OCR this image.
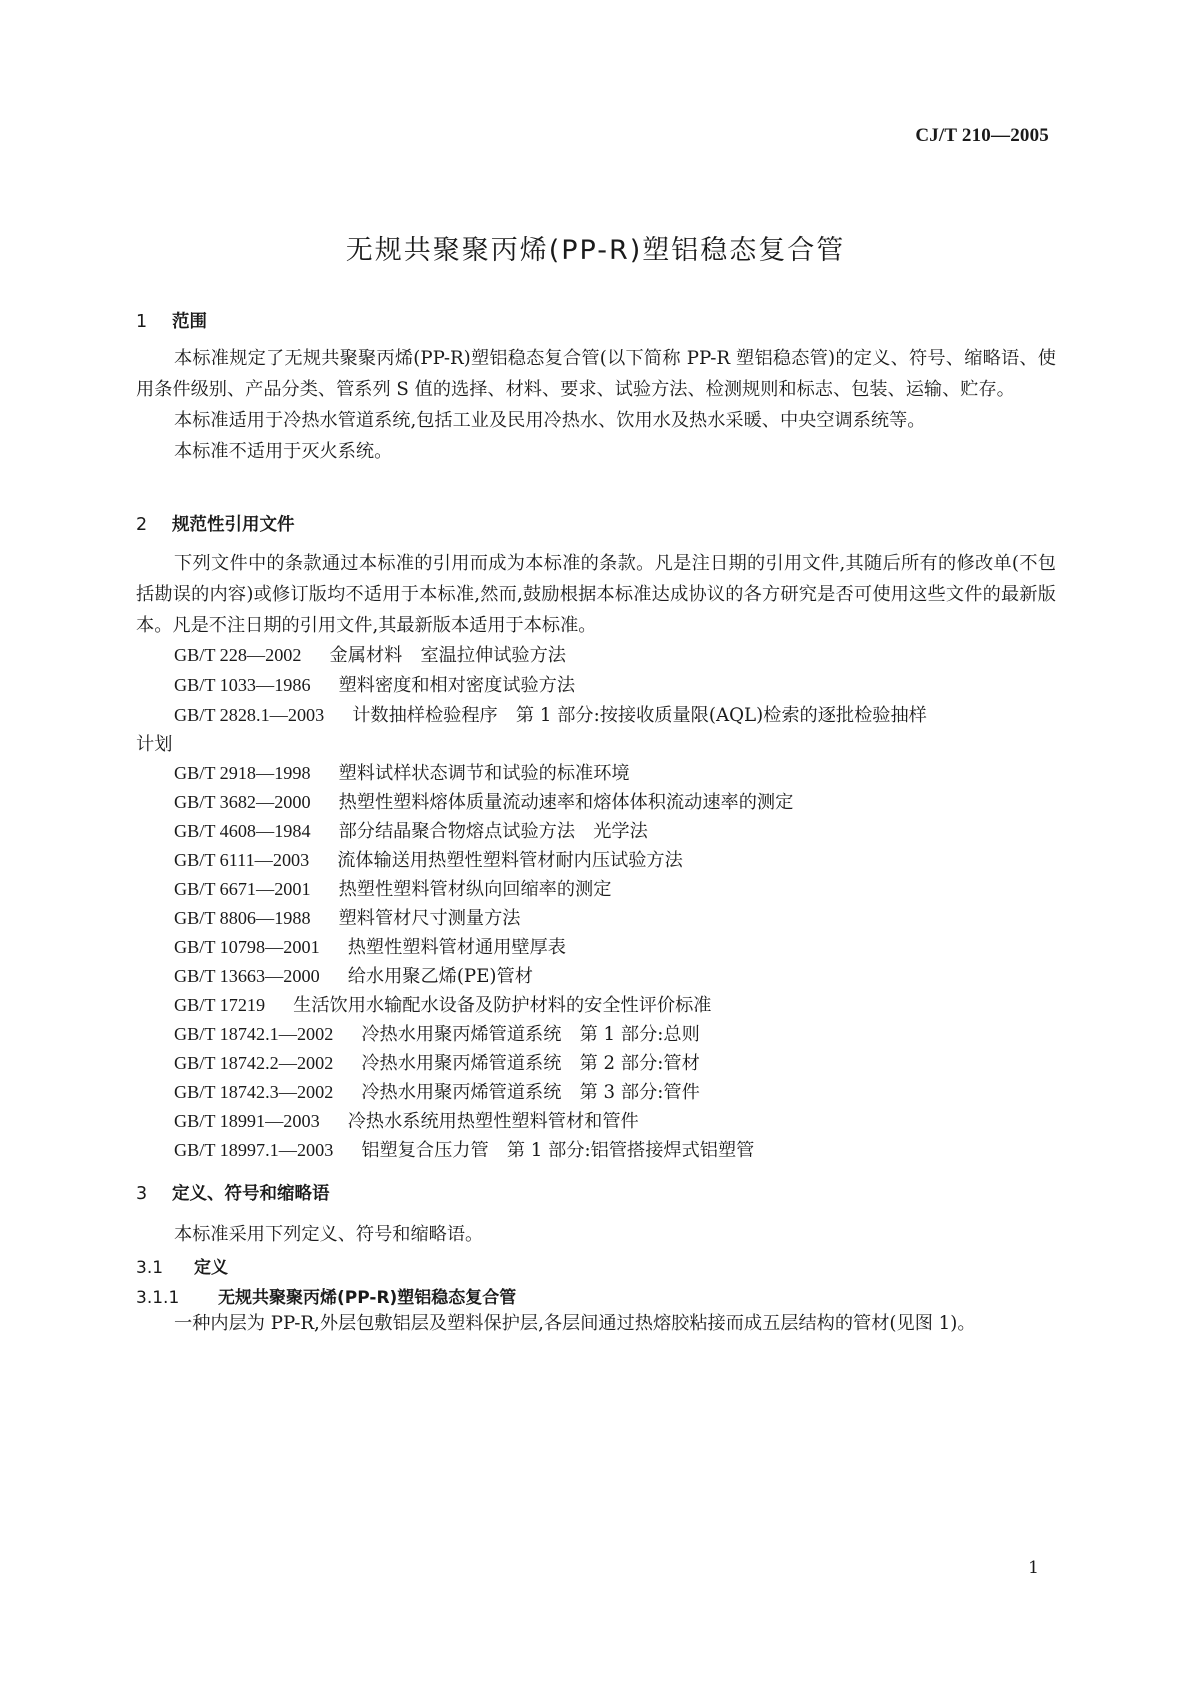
CJ/T 210—2005
无规共聚聚丙烯(PP-R)塑铝稳态复合管
1 范围

本标准规定了无规共聚聚丙烯(PP-R)塑铝稳态复合管(以下简称 PP-R 塑铝稳态管)的定义、符号、缩略语、使用条件级别、产品分类、管系列 S 值的选择、材料、要求、试验方法、检测规则和标志、包装、运输、贮存。

本标准适用于冷热水管道系统,包括工业及民用冷热水、饮用水及热水采暖、中央空调系统等。

本标准不适用于灭火系统。

2 规范性引用文件

下列文件中的条款通过本标准的引用而成为本标准的条款。凡是注日期的引用文件,其随后所有的修改单(不包括勘误的内容)或修订版均不适用于本标准,然而,鼓励根据本标准达成协议的各方研究是否可使用这些文件的最新版本。凡是不注日期的引用文件,其最新版本适用于本标准。

GB/T 228—2002 金属材料　室温拉伸试验方法
GB/T 1033—1986 塑料密度和相对密度试验方法
GB/T 2828.1—2003 计数抽样检验程序　第 1 部分:按接收质量限(AQL)检索的逐批检验抽样
计划
GB/T 2918—1998 塑料试样状态调节和试验的标准环境
GB/T 3682—2000 热塑性塑料熔体质量流动速率和熔体体积流动速率的测定
GB/T 4608—1984 部分结晶聚合物熔点试验方法　光学法
GB/T 6111—2003 流体输送用热塑性塑料管材耐内压试验方法
GB/T 6671—2001 热塑性塑料管材纵向回缩率的测定
GB/T 8806—1988 塑料管材尺寸测量方法
GB/T 10798—2001 热塑性塑料管材通用壁厚表
GB/T 13663—2000 给水用聚乙烯(PE)管材
GB/T 17219 生活饮用水输配水设备及防护材料的安全性评价标准
GB/T 18742.1—2002 冷热水用聚丙烯管道系统　第 1 部分:总则
GB/T 18742.2—2002 冷热水用聚丙烯管道系统　第 2 部分:管材
GB/T 18742.3—2002 冷热水用聚丙烯管道系统　第 3 部分:管件
GB/T 18991—2003 冷热水系统用热塑性塑料管材和管件
GB/T 18997.1—2003 铝塑复合压力管　第 1 部分:铝管搭接焊式铝塑管
3 定义、符号和缩略语
本标准采用下列定义、符号和缩略语。
3.1 定义
3.1.1 无规共聚聚丙烯(PP-R)塑铝稳态复合管

一种内层为 PP-R,外层包敷铝层及塑料保护层,各层间通过热熔胶粘接而成五层结构的管材(见图 1)。

1
